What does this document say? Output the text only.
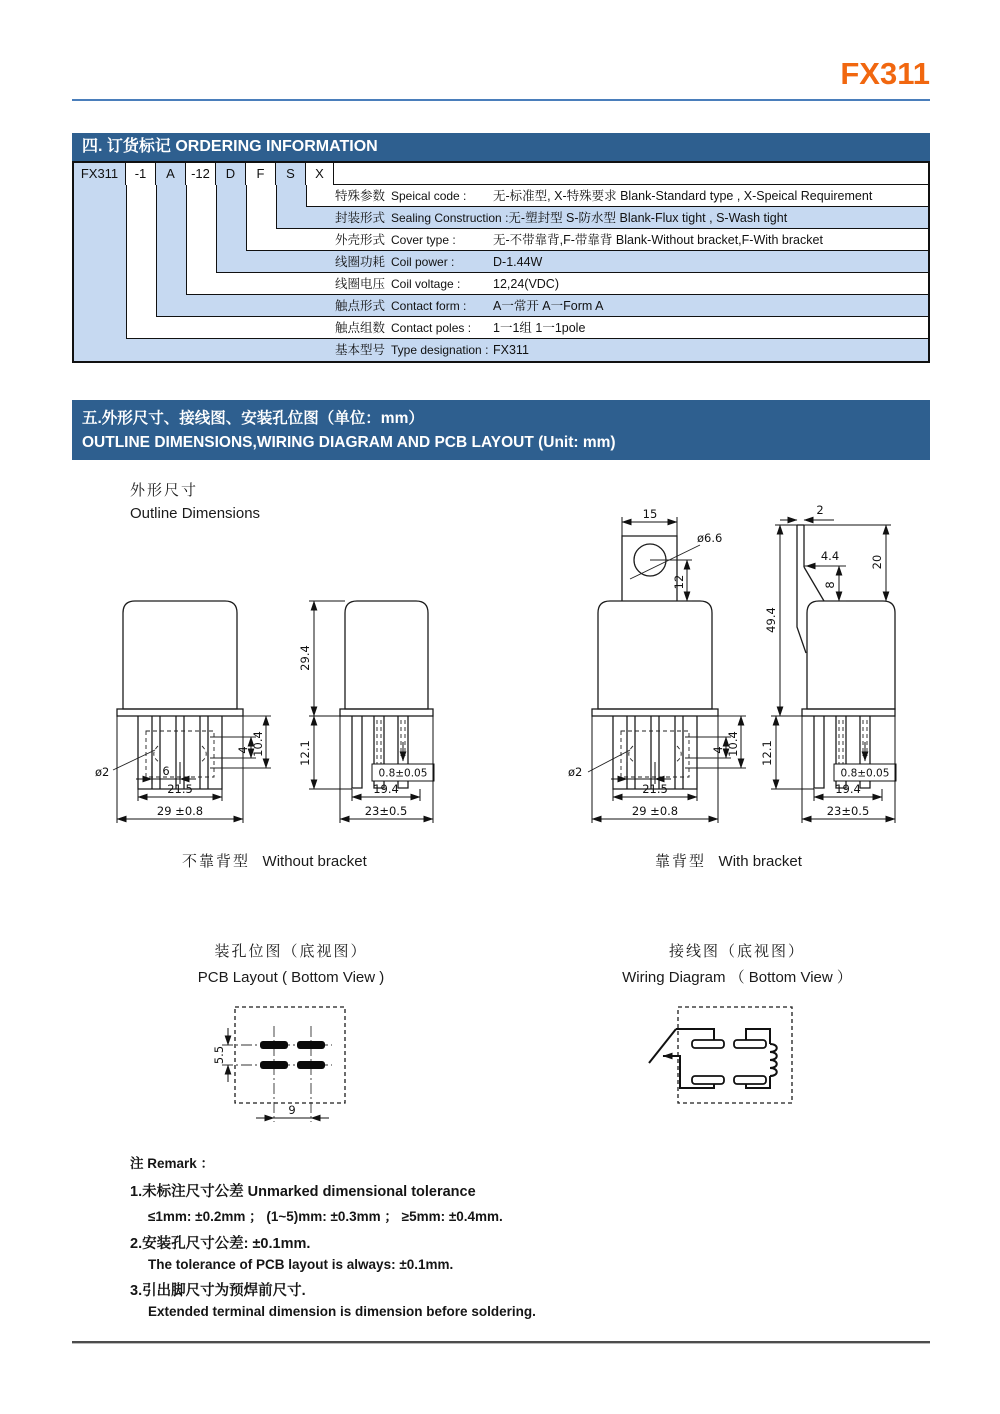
FX311
四. 订货标记 ORDERING INFORMATION
FX311	-1	A	-12	D	F	S	X
特殊参数 Speical code :	无-标准型, X-特殊要求 Blank-Standard type , X-Speical Requirement
封装形式 Sealing Construction : 无-塑封型 S-防水型 Blank-Flux tight , S-Wash tight
外壳形式 Cover type :	无-不带靠背,F-带靠背 Blank-Without bracket,F-With bracket
线圈功耗 Coil power :	D-1.44W
线圈电压 Coil voltage :	12,24(VDC)
触点形式 Contact form :	A一常开 A一Form A
触点组数 Contact poles :	1一1组 1一1pole
基本型号 Type designation : FX311
五.外形尺寸、接线图、安装孔位图（单位：mm）
OUTLINE DIMENSIONS,WIRING DIAGRAM AND PCB LAYOUT (Unit: mm)
外形尺寸
Outline Dimensions
不靠背型 Without bracket	靠背型 With bracket
装孔位图（底视图）
PCB Layout ( Bottom View )
接线图（底视图）
Wiring Diagram （ Bottom View ）
ø2	6
21.5
29 ±0.8
4 10.4
29.4
12.1
0.8±0.05
19.4
23±0.5
ø6.6
15
12
ø2
21.5
29 ±0.8
4 10.4
2
49.4
20
4.4
8
12.1
0.8±0.05
19.4
23±0.5
5.5
9
注 Remark ：
1.未标注尺寸公差 Unmarked dimensional tolerance
≤1mm: ±0.2mm ； (1~5)mm: ±0.3mm ； ≥5mm: ±0.4mm.
2.安装孔尺寸公差: ±0.1mm.
The tolerance of PCB layout is always: ±0.1mm.
3.引出脚尺寸为预焊前尺寸.
Extended terminal dimension is dimension before soldering.
